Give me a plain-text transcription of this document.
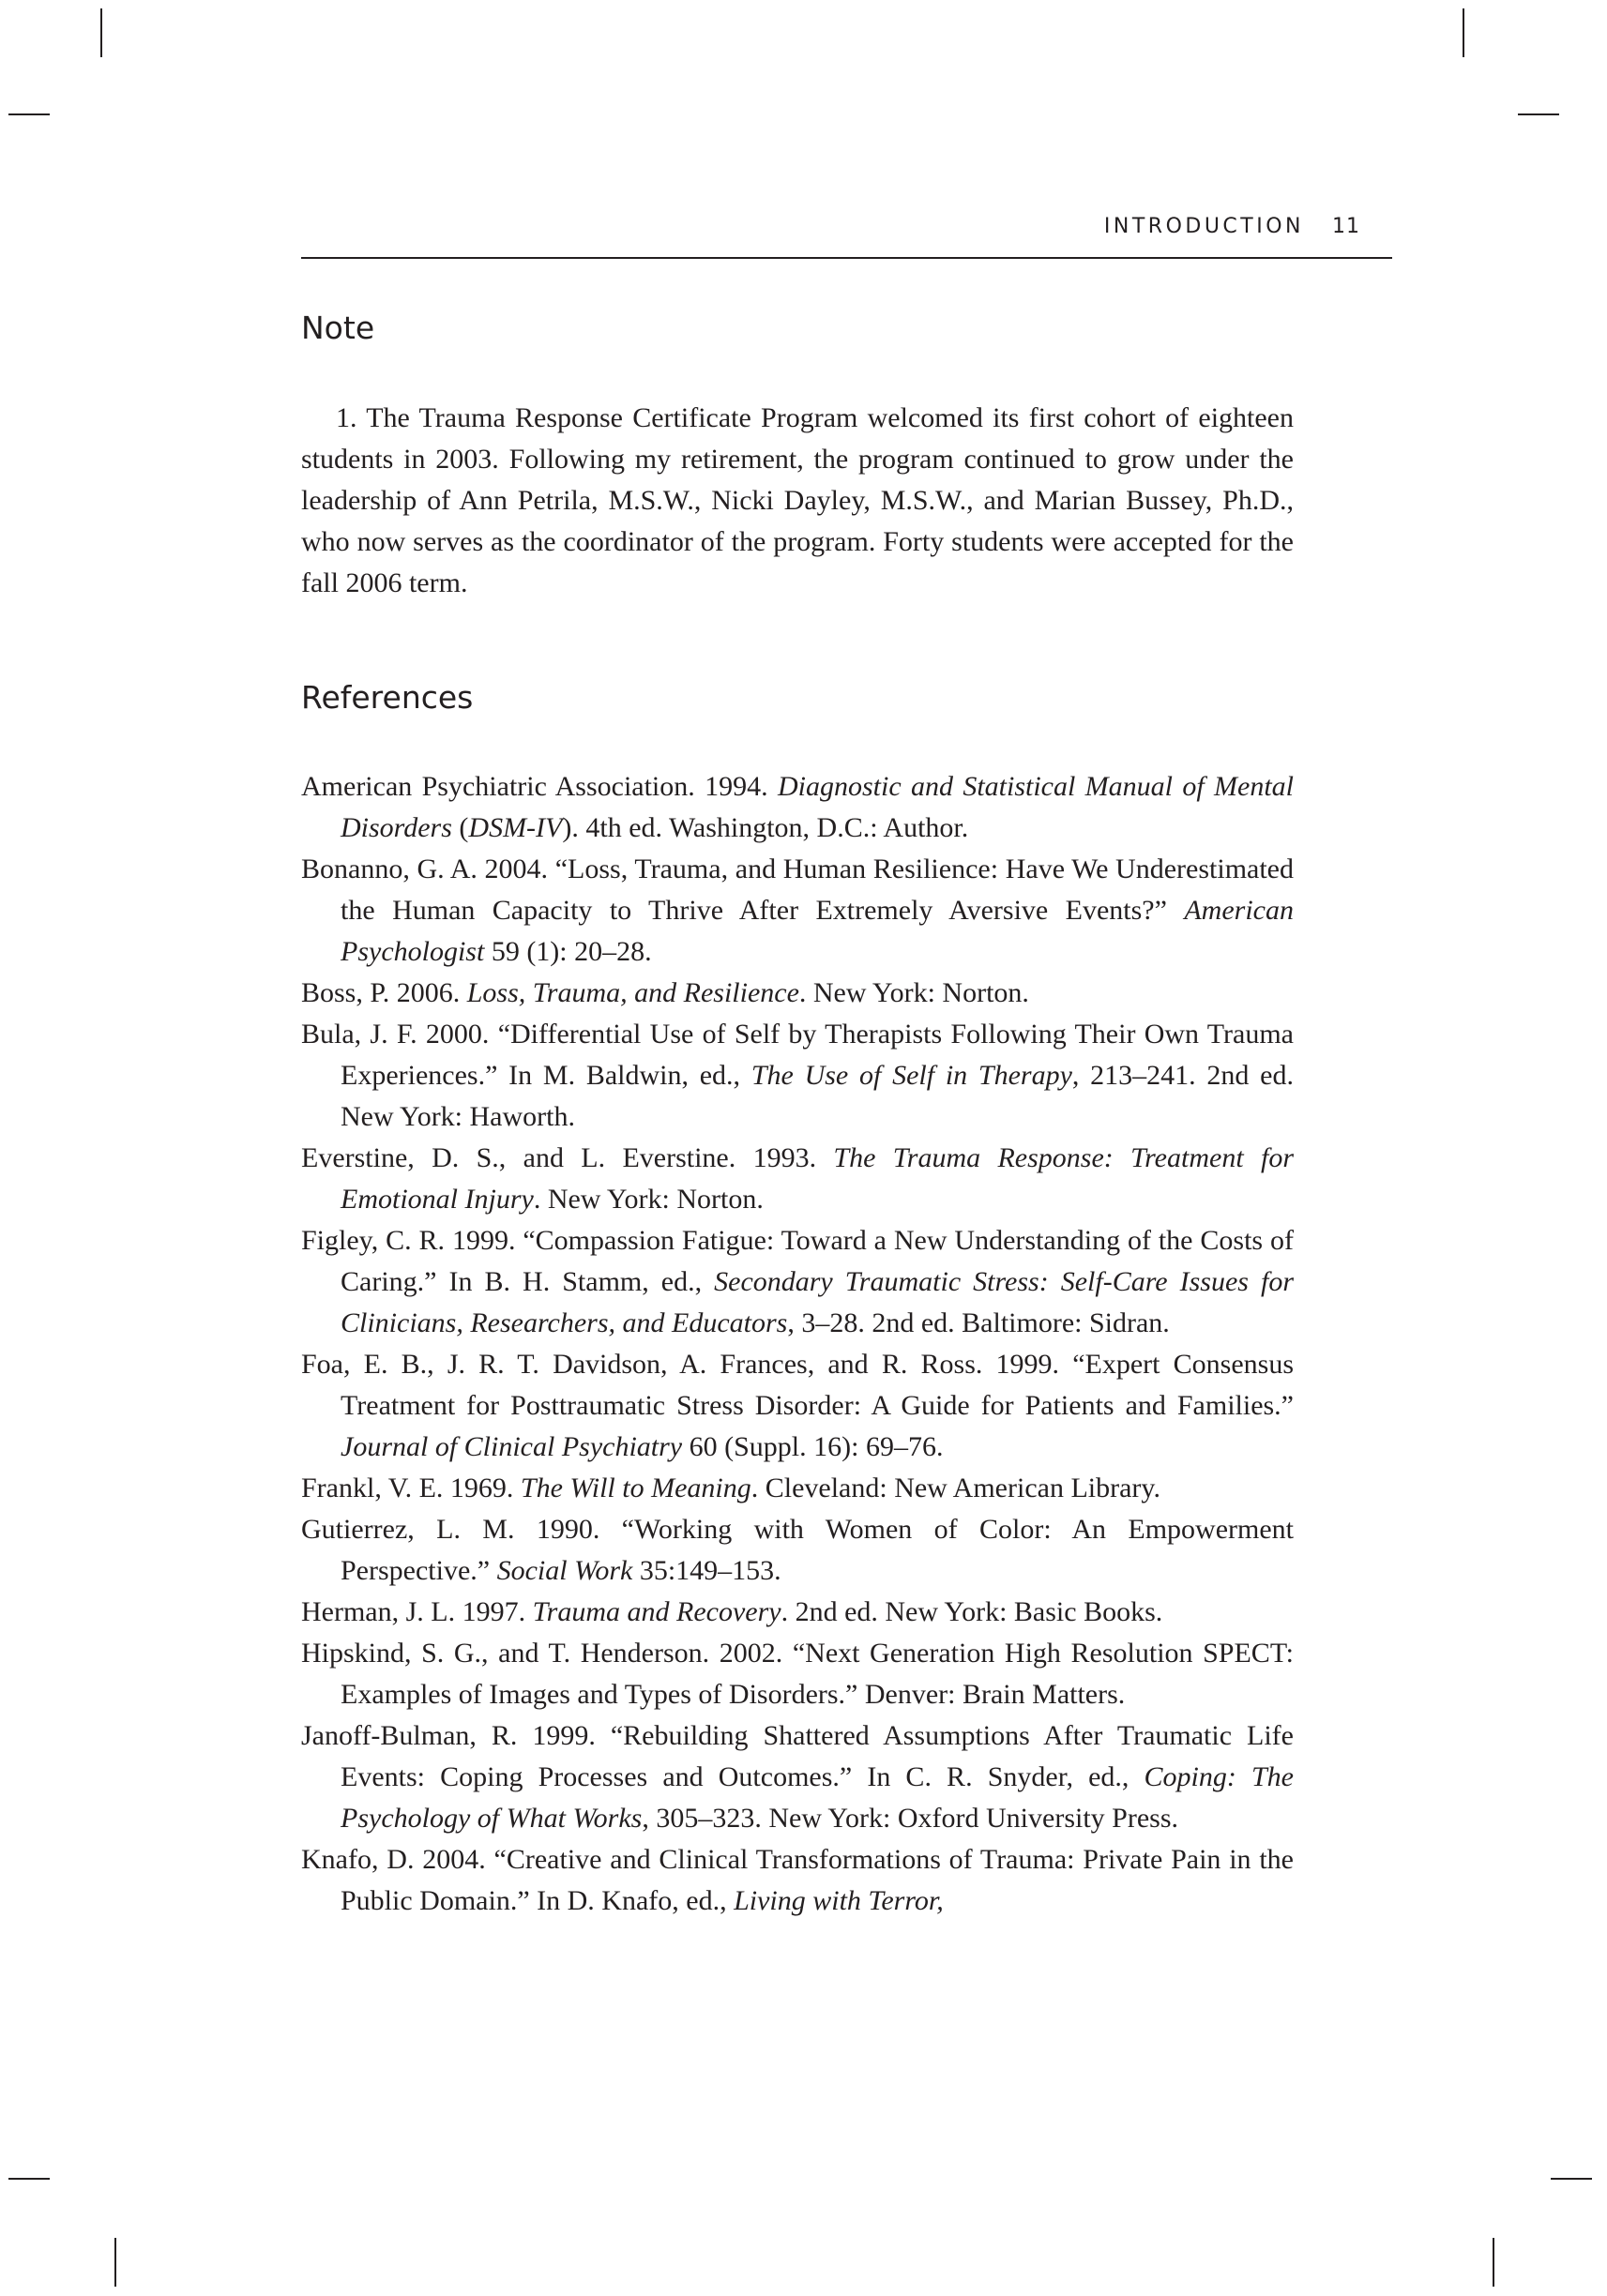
INTRODUCTION 11
Note
1. The Trauma Response Certificate Program welcomed its first cohort of eighteen students in 2003. Following my retirement, the program continued to grow under the leadership of Ann Petrila, M.S.W., Nicki Dayley, M.S.W., and Marian Bussey, Ph.D., who now serves as the coordinator of the program. Forty students were accepted for the fall 2006 term.
References
American Psychiatric Association. 1994. Diagnostic and Statistical Manual of Mental Disorders (DSM-IV). 4th ed. Washington, D.C.: Author.
Bonanno, G. A. 2004. “Loss, Trauma, and Human Resilience: Have We Underestimated the Human Capacity to Thrive After Extremely Aversive Events?” American Psychologist 59 (1): 20–28.
Boss, P. 2006. Loss, Trauma, and Resilience. New York: Norton.
Bula, J. F. 2000. “Differential Use of Self by Therapists Following Their Own Trauma Experiences.” In M. Baldwin, ed., The Use of Self in Therapy, 213–241. 2nd ed. New York: Haworth.
Everstine, D. S., and L. Everstine. 1993. The Trauma Response: Treatment for Emotional Injury. New York: Norton.
Figley, C. R. 1999. “Compassion Fatigue: Toward a New Understanding of the Costs of Caring.” In B. H. Stamm, ed., Secondary Traumatic Stress: Self-Care Issues for Clinicians, Researchers, and Educators, 3–28. 2nd ed. Baltimore: Sidran.
Foa, E. B., J. R. T. Davidson, A. Frances, and R. Ross. 1999. “Expert Consensus Treatment for Posttraumatic Stress Disorder: A Guide for Patients and Families.” Journal of Clinical Psychiatry 60 (Suppl. 16): 69–76.
Frankl, V. E. 1969. The Will to Meaning. Cleveland: New American Library.
Gutierrez, L. M. 1990. “Working with Women of Color: An Empowerment Perspective.” Social Work 35:149–153.
Herman, J. L. 1997. Trauma and Recovery. 2nd ed. New York: Basic Books.
Hipskind, S. G., and T. Henderson. 2002. “Next Generation High Resolution SPECT: Examples of Images and Types of Disorders.” Denver: Brain Matters.
Janoff-Bulman, R. 1999. “Rebuilding Shattered Assumptions After Traumatic Life Events: Coping Processes and Outcomes.” In C. R. Snyder, ed., Coping: The Psychology of What Works, 305–323. New York: Oxford University Press.
Knafo, D. 2004. “Creative and Clinical Transformations of Trauma: Private Pain in the Public Domain.” In D. Knafo, ed., Living with Terror,
